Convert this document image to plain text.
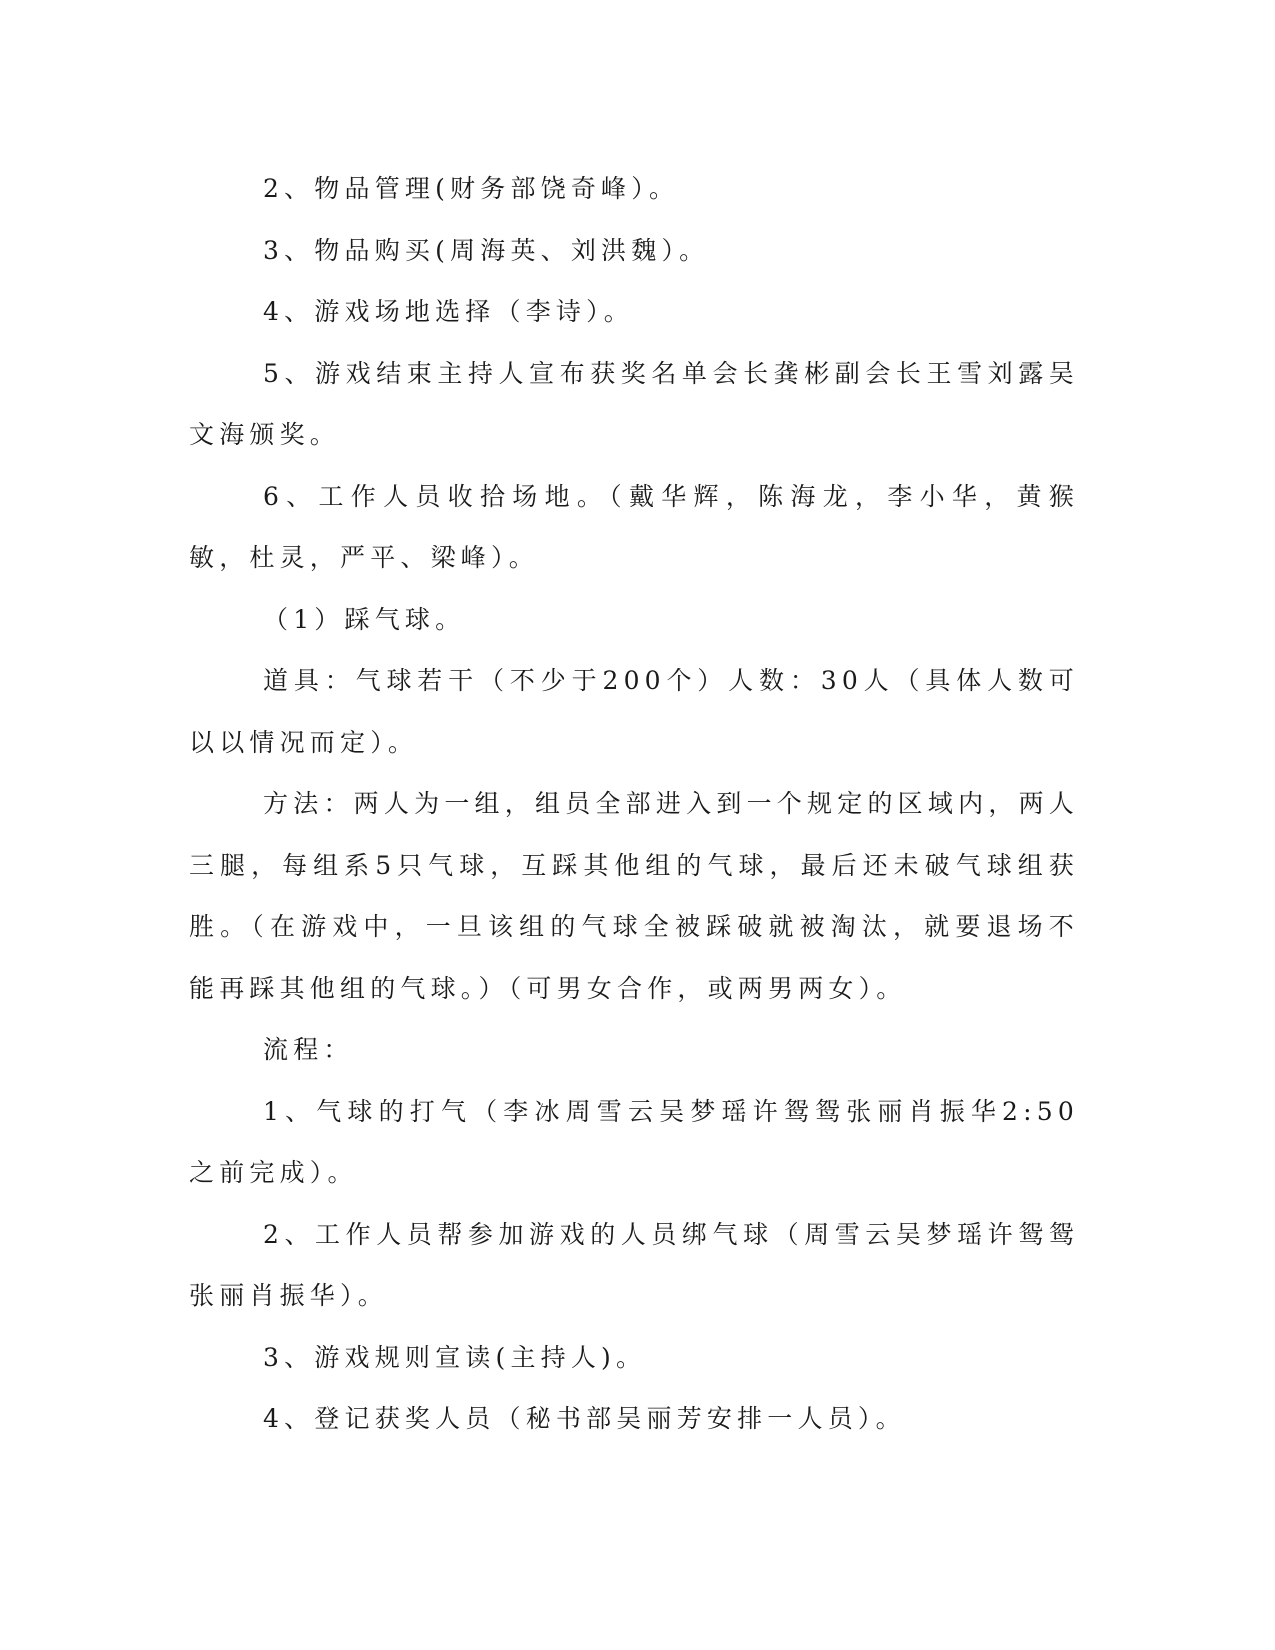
2、物品管理(财务部饶奇峰）。

3、物品购买(周海英、刘洪魏）。

4、游戏场地选择（李诗）。

5、游戏结束主持人宣布获奖名单会长龚彬副会长王雪刘露吴文海颁奖。

6、工作人员收拾场地。（戴华辉，陈海龙，李小华，黄猴敏，杜灵，严平、梁峰）。

（1）踩气球。

道具：气球若干（不少于200个）人数：30人（具体人数可以以情况而定）。

方法：两人为一组，组员全部进入到一个规定的区域内，两人三腿，每组系5只气球，互踩其他组的气球，最后还未破气球组获胜。（在游戏中，一旦该组的气球全被踩破就被淘汰，就要退场不能再踩其他组的气球。）（可男女合作，或两男两女）。

流程：

1、气球的打气（李冰周雪云吴梦瑶许鸳鸳张丽肖振华2:50之前完成）。

2、工作人员帮参加游戏的人员绑气球（周雪云吴梦瑶许鸳鸳张丽肖振华）。

3、游戏规则宣读(主持人)。

4、登记获奖人员（秘书部吴丽芳安排一人员）。
